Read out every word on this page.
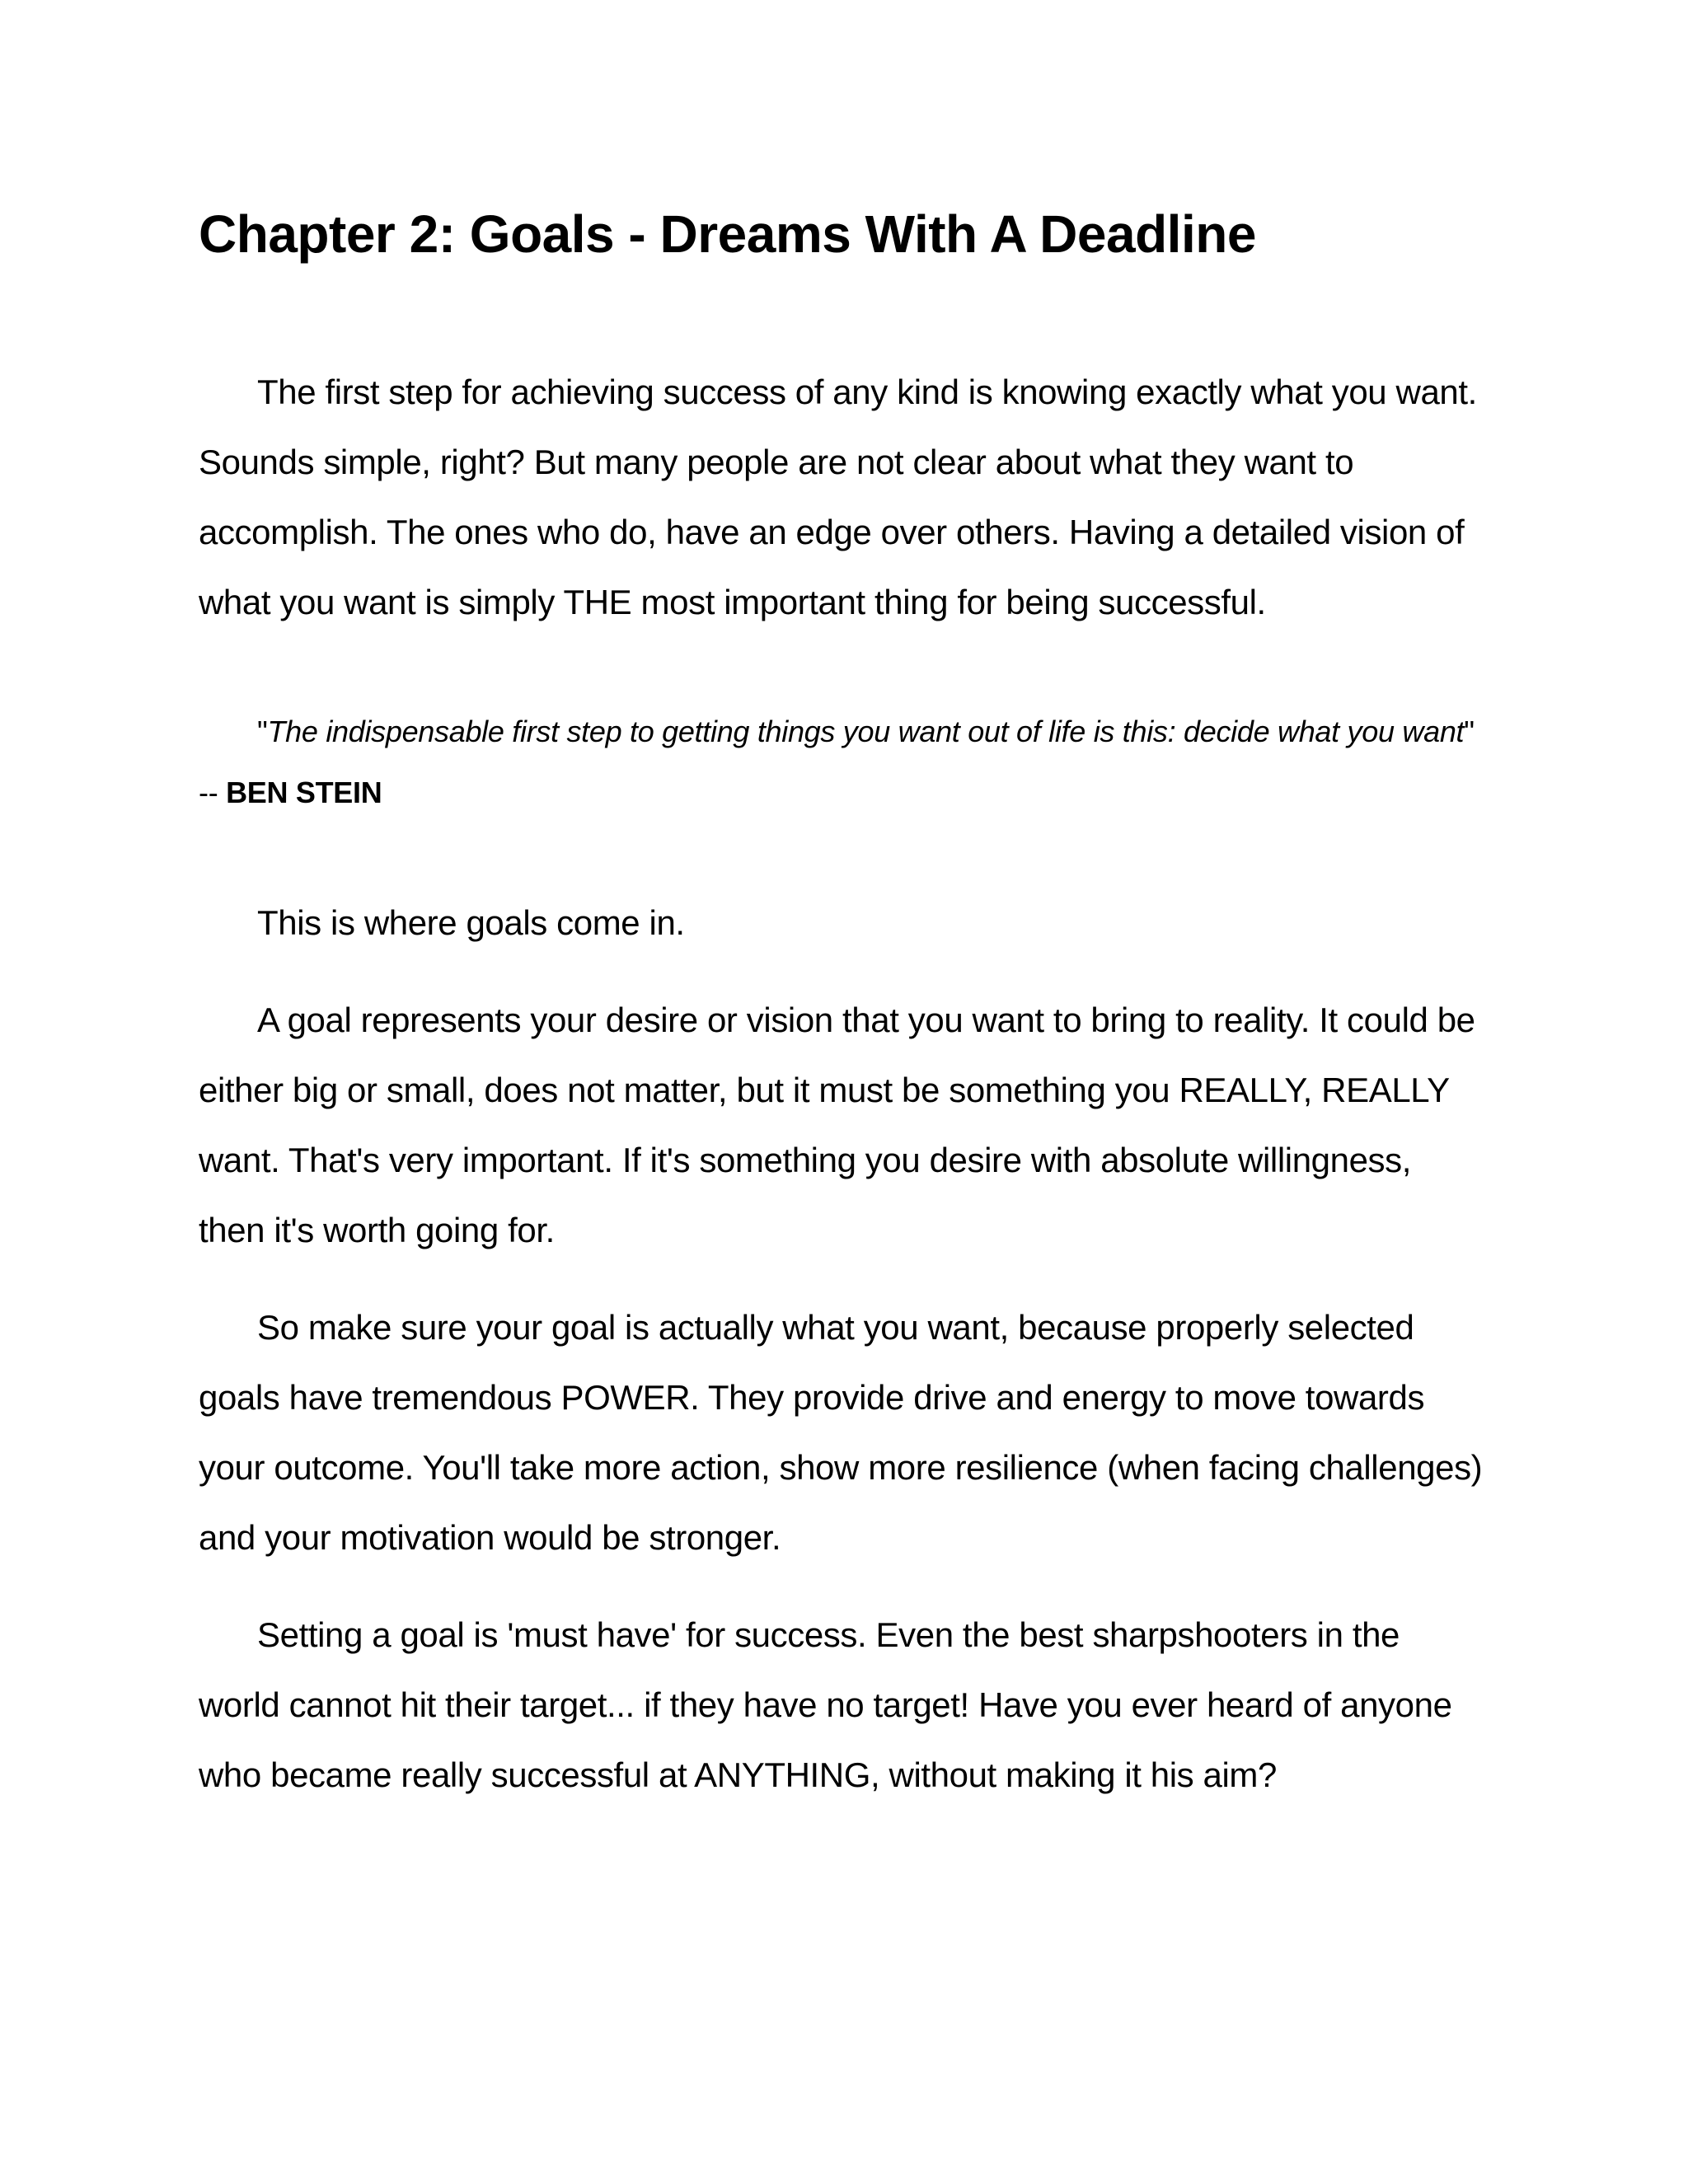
Chapter 2: Goals - Dreams With A Deadline

The first step for achieving success of any kind is knowing exactly what you want. Sounds simple, right? But many people are not clear about what they want to accomplish. The ones who do, have an edge over others. Having a detailed vision of what you want is simply THE most important thing for being successful.

"The indispensable first step to getting things you want out of life is this: decide what you want" -- BEN STEIN

This is where goals come in.

A goal represents your desire or vision that you want to bring to reality. It could be either big or small, does not matter, but it must be something you REALLY, REALLY want. That's very important. If it's something you desire with absolute willingness, then it's worth going for.

So make sure your goal is actually what you want, because properly selected goals have tremendous POWER. They provide drive and energy to move towards your outcome. You'll take more action, show more resilience (when facing challenges) and your motivation would be stronger.

Setting a goal is 'must have' for success. Even the best sharpshooters in the world cannot hit their target... if they have no target! Have you ever heard of anyone who became really successful at ANYTHING, without making it his aim?
